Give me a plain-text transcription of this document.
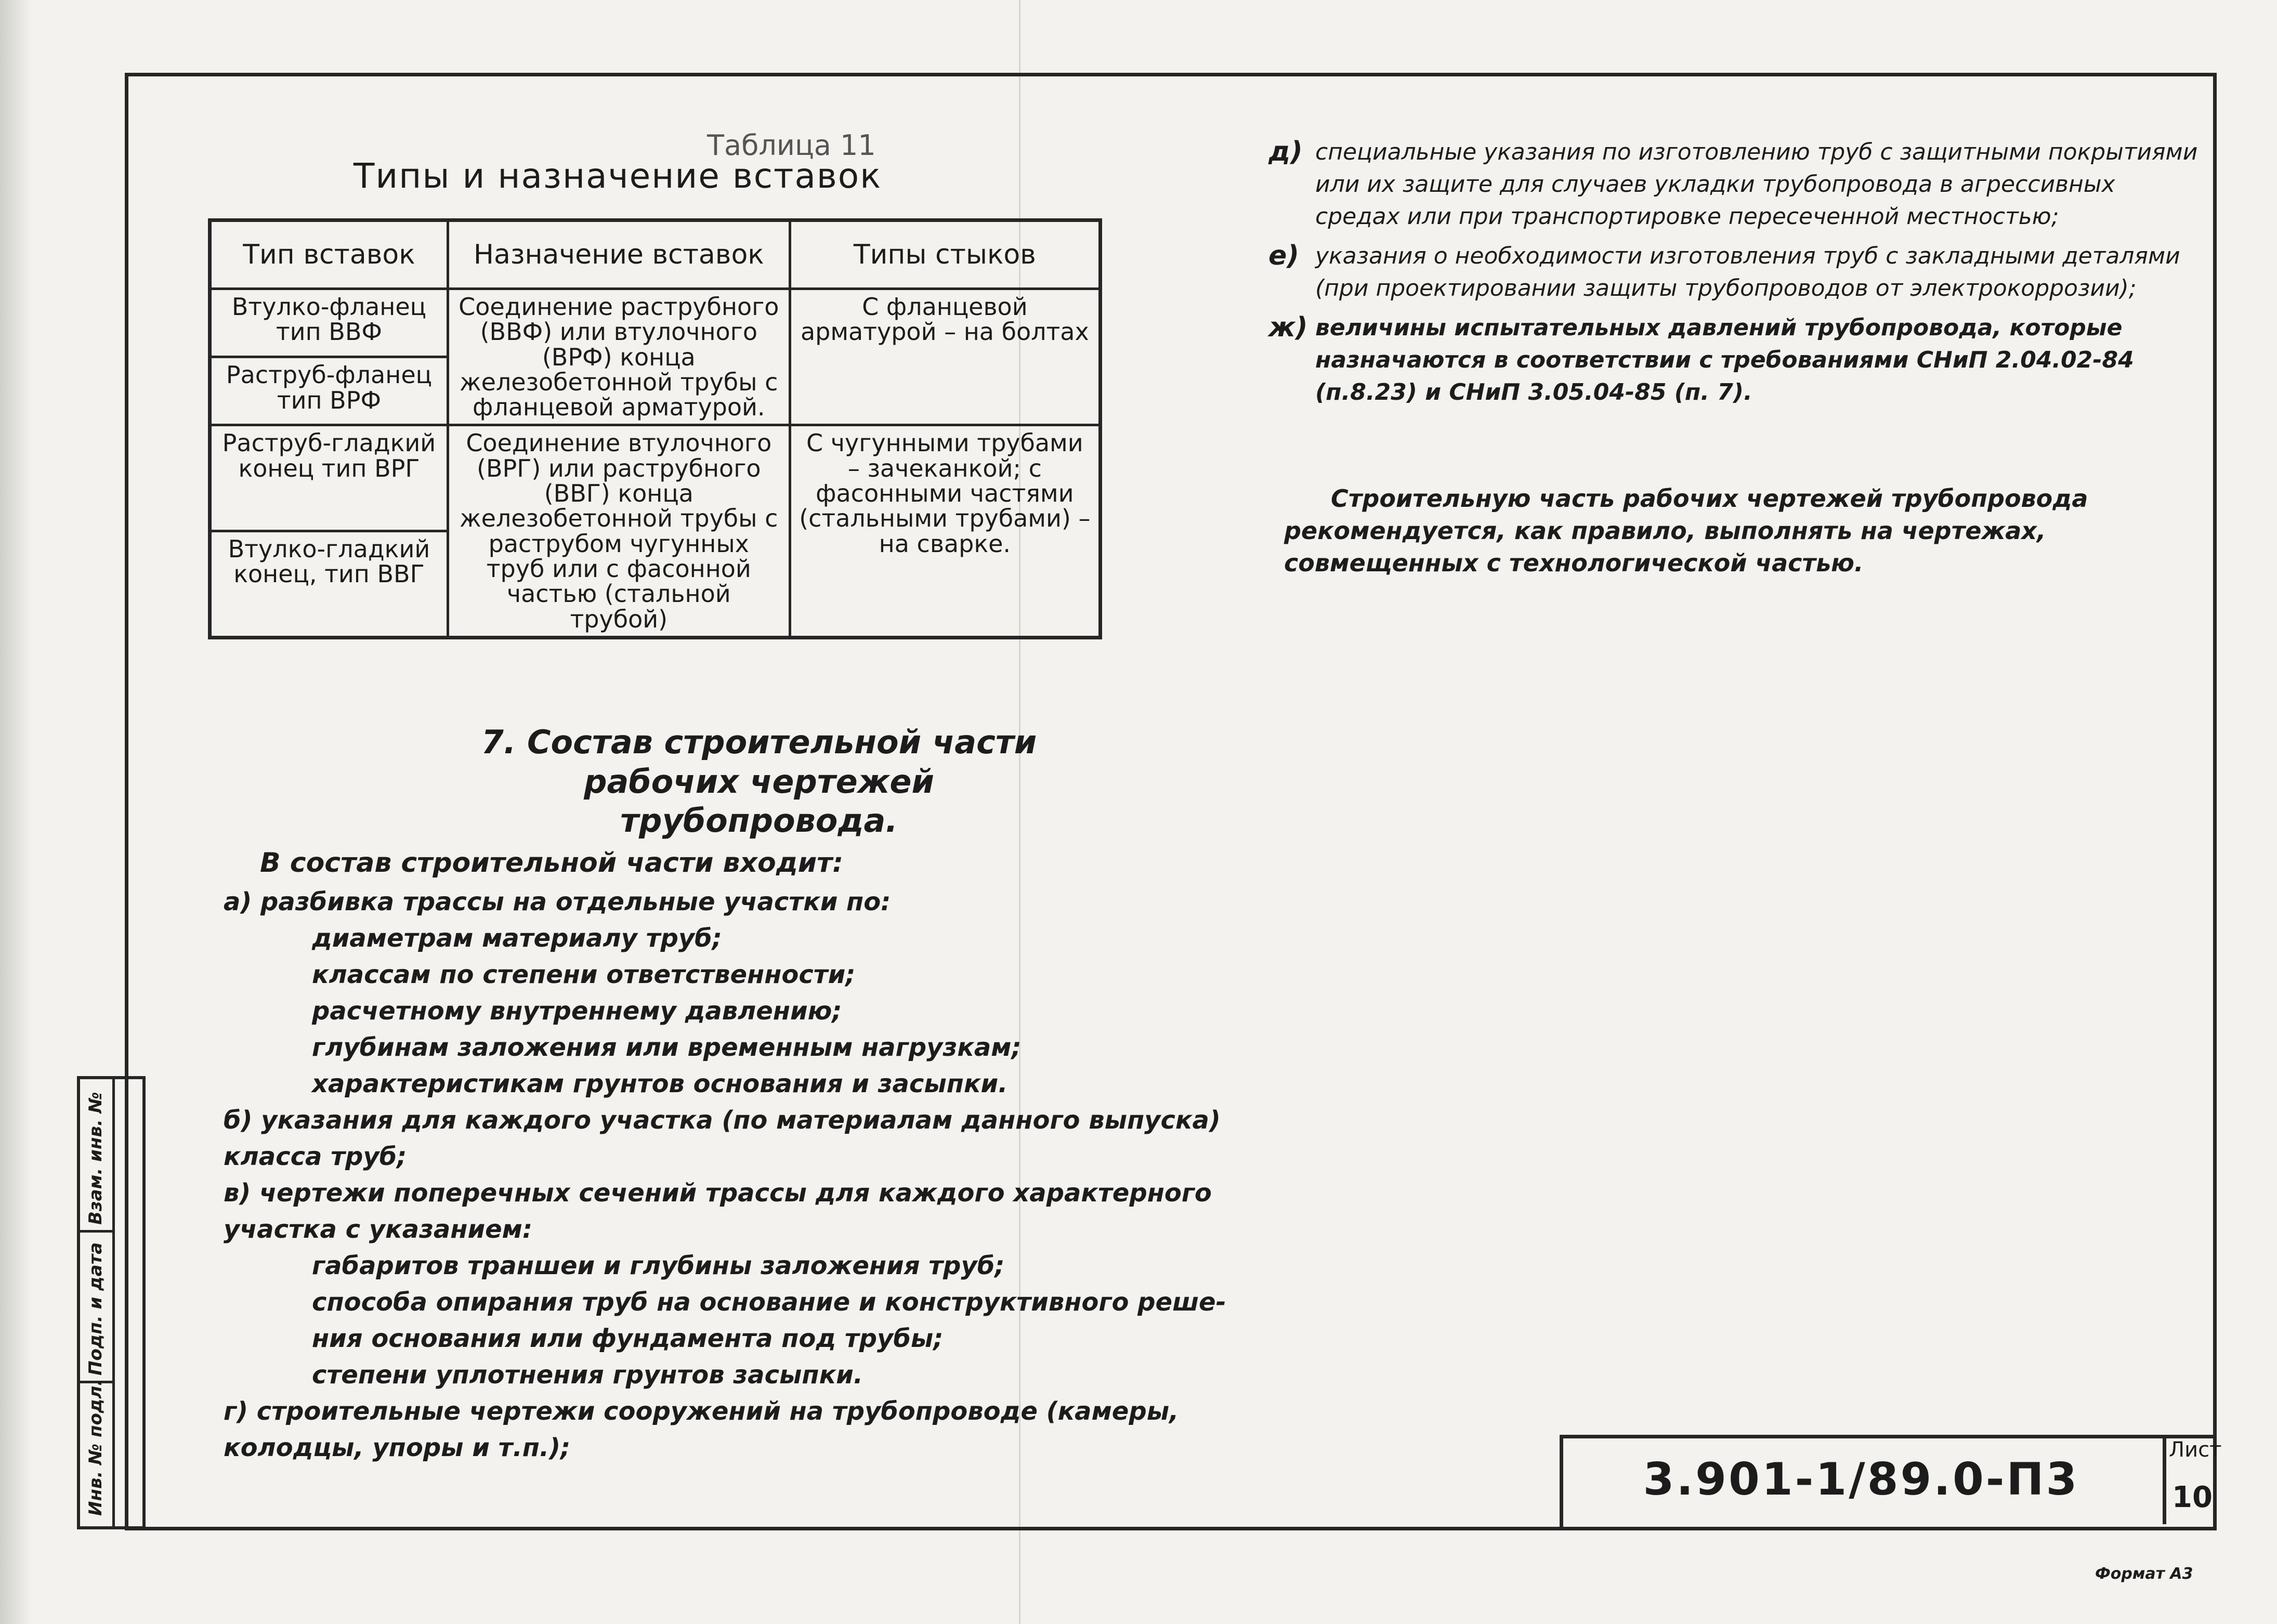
Таблица 11
Типы и назначение вставок
Тип вставок	Назначение вставок	Типы стыков
Втулко-фланец тип ВВФ	Соединение раструбного (ВВФ) или втулочного (ВРФ) конца железобетонной трубы с фланцевой арматурой.	С фланцевой арматурой – на болтах
Раструб-фланец тип ВРФ		
Раструб-гладкий конец тип ВРГ	Соединение втулочного (ВРГ) или раструбного (ВВГ) конца железобетонной трубы с раструбом чугунных труб или с фасонной частью (стальной трубой)	С чугунными трубами – зачеканкой; с фасонными частями (стальными трубами) – на сварке.
Втулко-гладкий конец, тип ВВГ		
7. Состав строительной части
рабочих чертежей трубопровода.
В состав строительной части входит:
а) разбивка трассы на отдельные участки по:
диаметрам материалу труб;
классам по степени ответственности;
расчетному внутреннему давлению;
глубинам заложения или временным нагрузкам;
характеристикам грунтов основания и засыпки.
б) указания для каждого участка (по материалам данного выпуска)
класса труб;
в) чертежи поперечных сечений трассы для каждого характерного
участка с указанием:
габаритов траншеи и глубины заложения труб;
способа опирания труб на основание и конструктивного реше-
ния основания или фундамента под трубы;
степени уплотнения грунтов засыпки.
г) строительные чертежи сооружений на трубопроводе (камеры,
колодцы, упоры и т.п.);
д) специальные указания по изготовлению труб с защитными покрытиями или их защите для случаев укладки трубопровода в агрессивных средах или при транспортировке пересеченной местностью;
е) указания о необходимости изготовления труб с закладными деталями (при проектировании защиты трубопроводов от электрокоррозии);
ж) величины испытательных давлений трубопровода, которые назначаются в соответствии с требованиями СНиП 2.04.02-84 (п.8.23) и СНиП 3.05.04-85 (п. 7).
Строительную часть рабочих чертежей трубопровода рекомендуется, как правило, выполнять на чертежах, совмещенных с технологической частью.
Взам. инв. №
Подп. и дата
Инв. № подл.	3.901-1/89.0-П3
Лист
10
Формат А3
